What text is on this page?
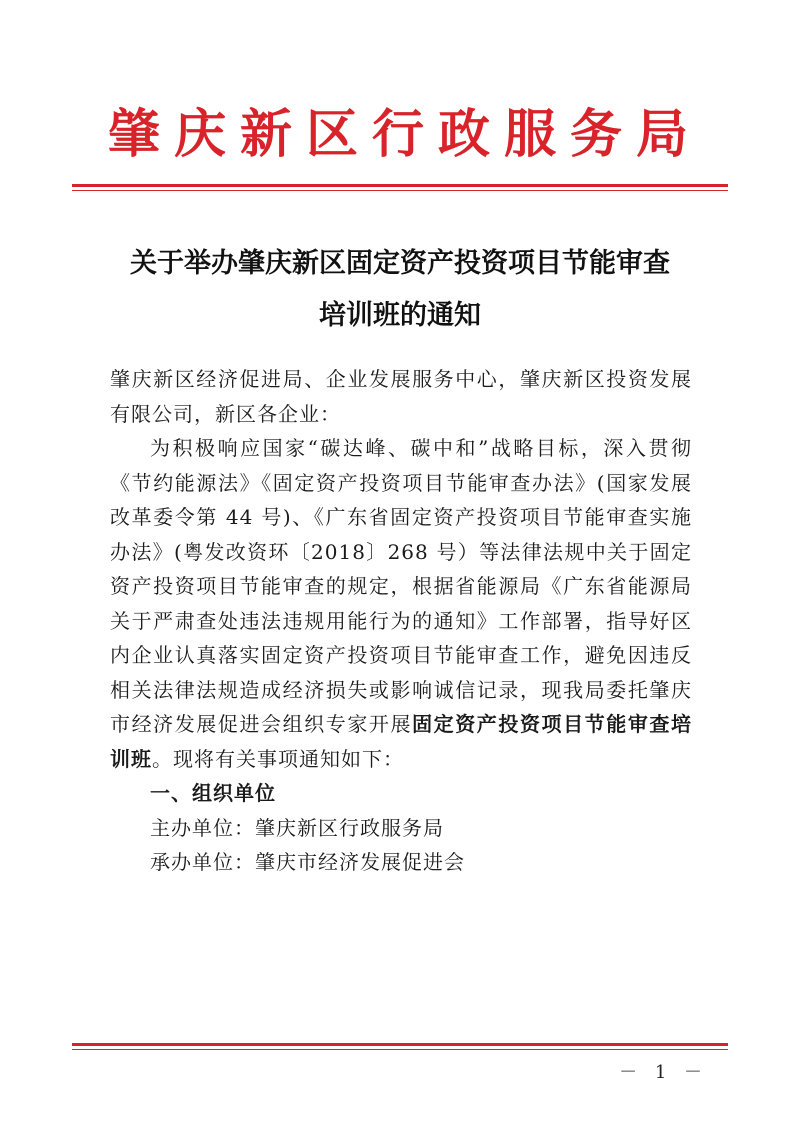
肇庆新区行政服务局
关于举办肇庆新区固定资产投资项目节能审查
培训班的通知

肇庆新区经济促进局、企业发展服务中心，肇庆新区投资发展有限公司，新区各企业：

为积极响应国家“碳达峰、碳中和”战略目标，深入贯彻《节约能源法》《固定资产投资项目节能审查办法》(国家发展改革委令第 44 号)、《广东省固定资产投资项目节能审查实施办法》(粤发改资环〔2018〕268 号）等法律法规中关于固定资产投资项目节能审查的规定，根据省能源局《广东省能源局关于严肃查处违法违规用能行为的通知》工作部署，指导好区内企业认真落实固定资产投资项目节能审查工作，避免因违反相关法律法规造成经济损失或影响诚信记录，现我局委托肇庆市经济发展促进会组织专家开展固定资产投资项目节能审查培训班。现将有关事项通知如下：

一、组织单位

主办单位：肇庆新区行政服务局

承办单位：肇庆市经济发展促进会

－ 1 －
